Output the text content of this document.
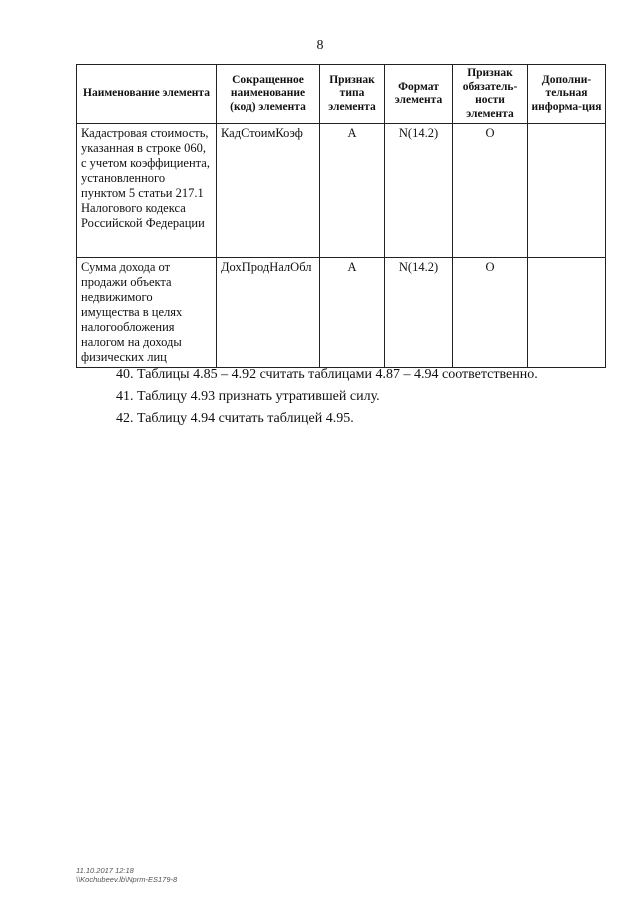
8
Наименование элемента	Сокращенное наименование (код) элемента	Признак типа элемента	Формат элемента	Признак обязатель-ности элемента	Дополни-тельная информа-ция
Кадастровая стоимость, указанная в строке 060, с учетом коэффициента, установленного пунктом 5 статьи 217.1 Налогового кодекса Российской Федерации	КадСтоимКоэф	А	N(14.2)	О	
Сумма дохода от продажи объекта недвижимого имущества в целях налогообложения налогом на доходы физических лиц	ДохПродНалОбл	А	N(14.2)	О	

40. Таблицы 4.85 – 4.92 считать таблицами 4.87 – 4.94 соответственно.

41. Таблицу 4.93 признать утратившей силу.

42. Таблицу 4.94 считать таблицей 4.95.

11.10.2017 12:18
\\Kochubeev.lb\Nprm-ES179-8
